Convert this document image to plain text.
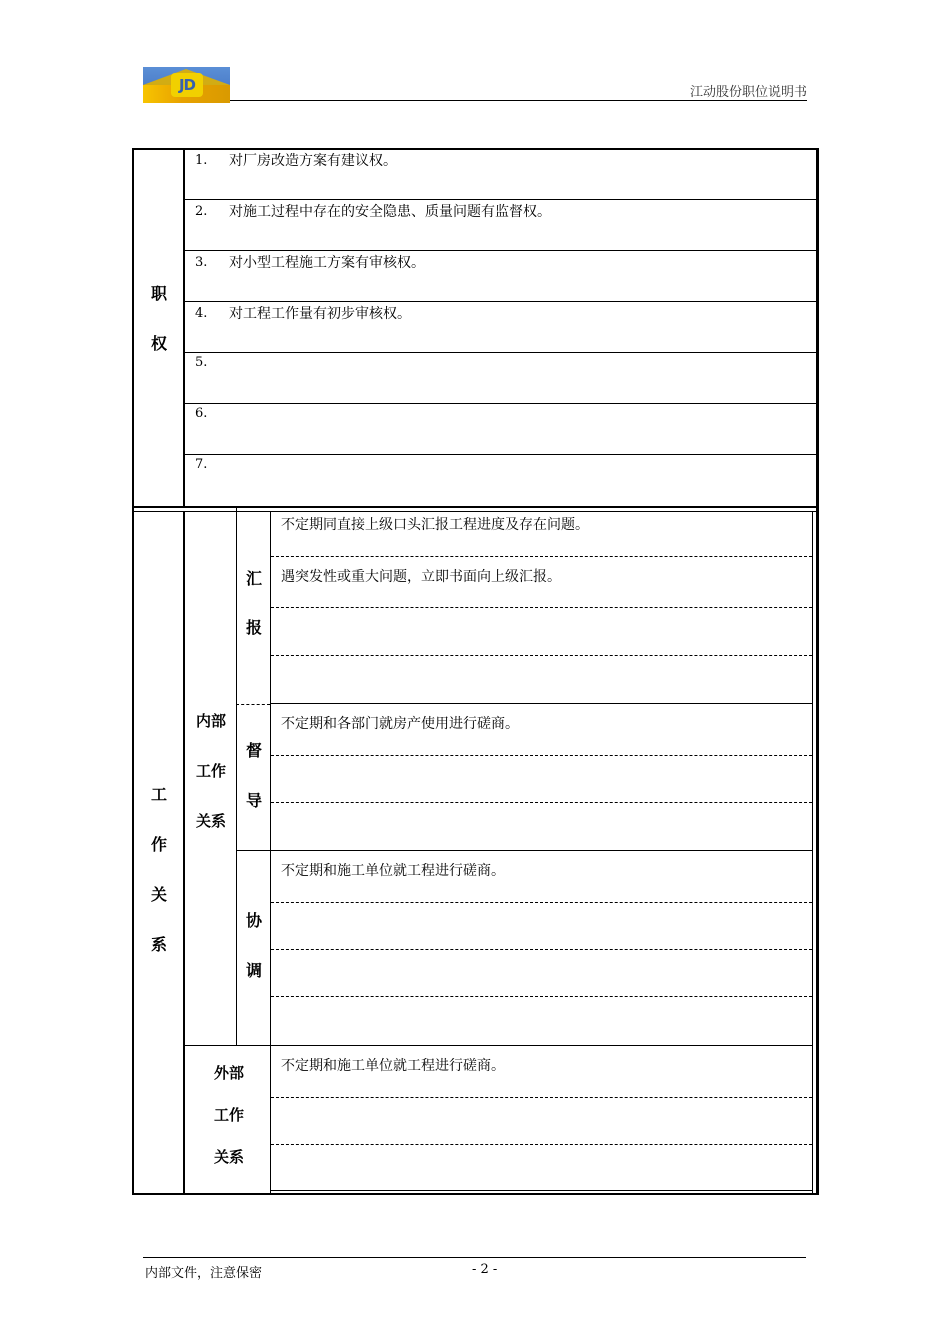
JD	江动股份职位说明书
职
权
1. 对厂房改造方案有建议权。
2. 对施工过程中存在的安全隐患、质量问题有监督权。
3. 对小型工程施工方案有审核权。
4. 对工程工作量有初步审核权。
5.
6.
7.
工
作
关
系
内部
工作
关系
汇
报
不定期同直接上级口头汇报工程进度及存在问题。
遇突发性或重大问题，立即书面向上级汇报。
督
导
不定期和各部门就房产使用进行磋商。
协
调
不定期和施工单位就工程进行磋商。
外部
工作
关系
不定期和施工单位就工程进行磋商。
内部文件，注意保密	- 2 -
